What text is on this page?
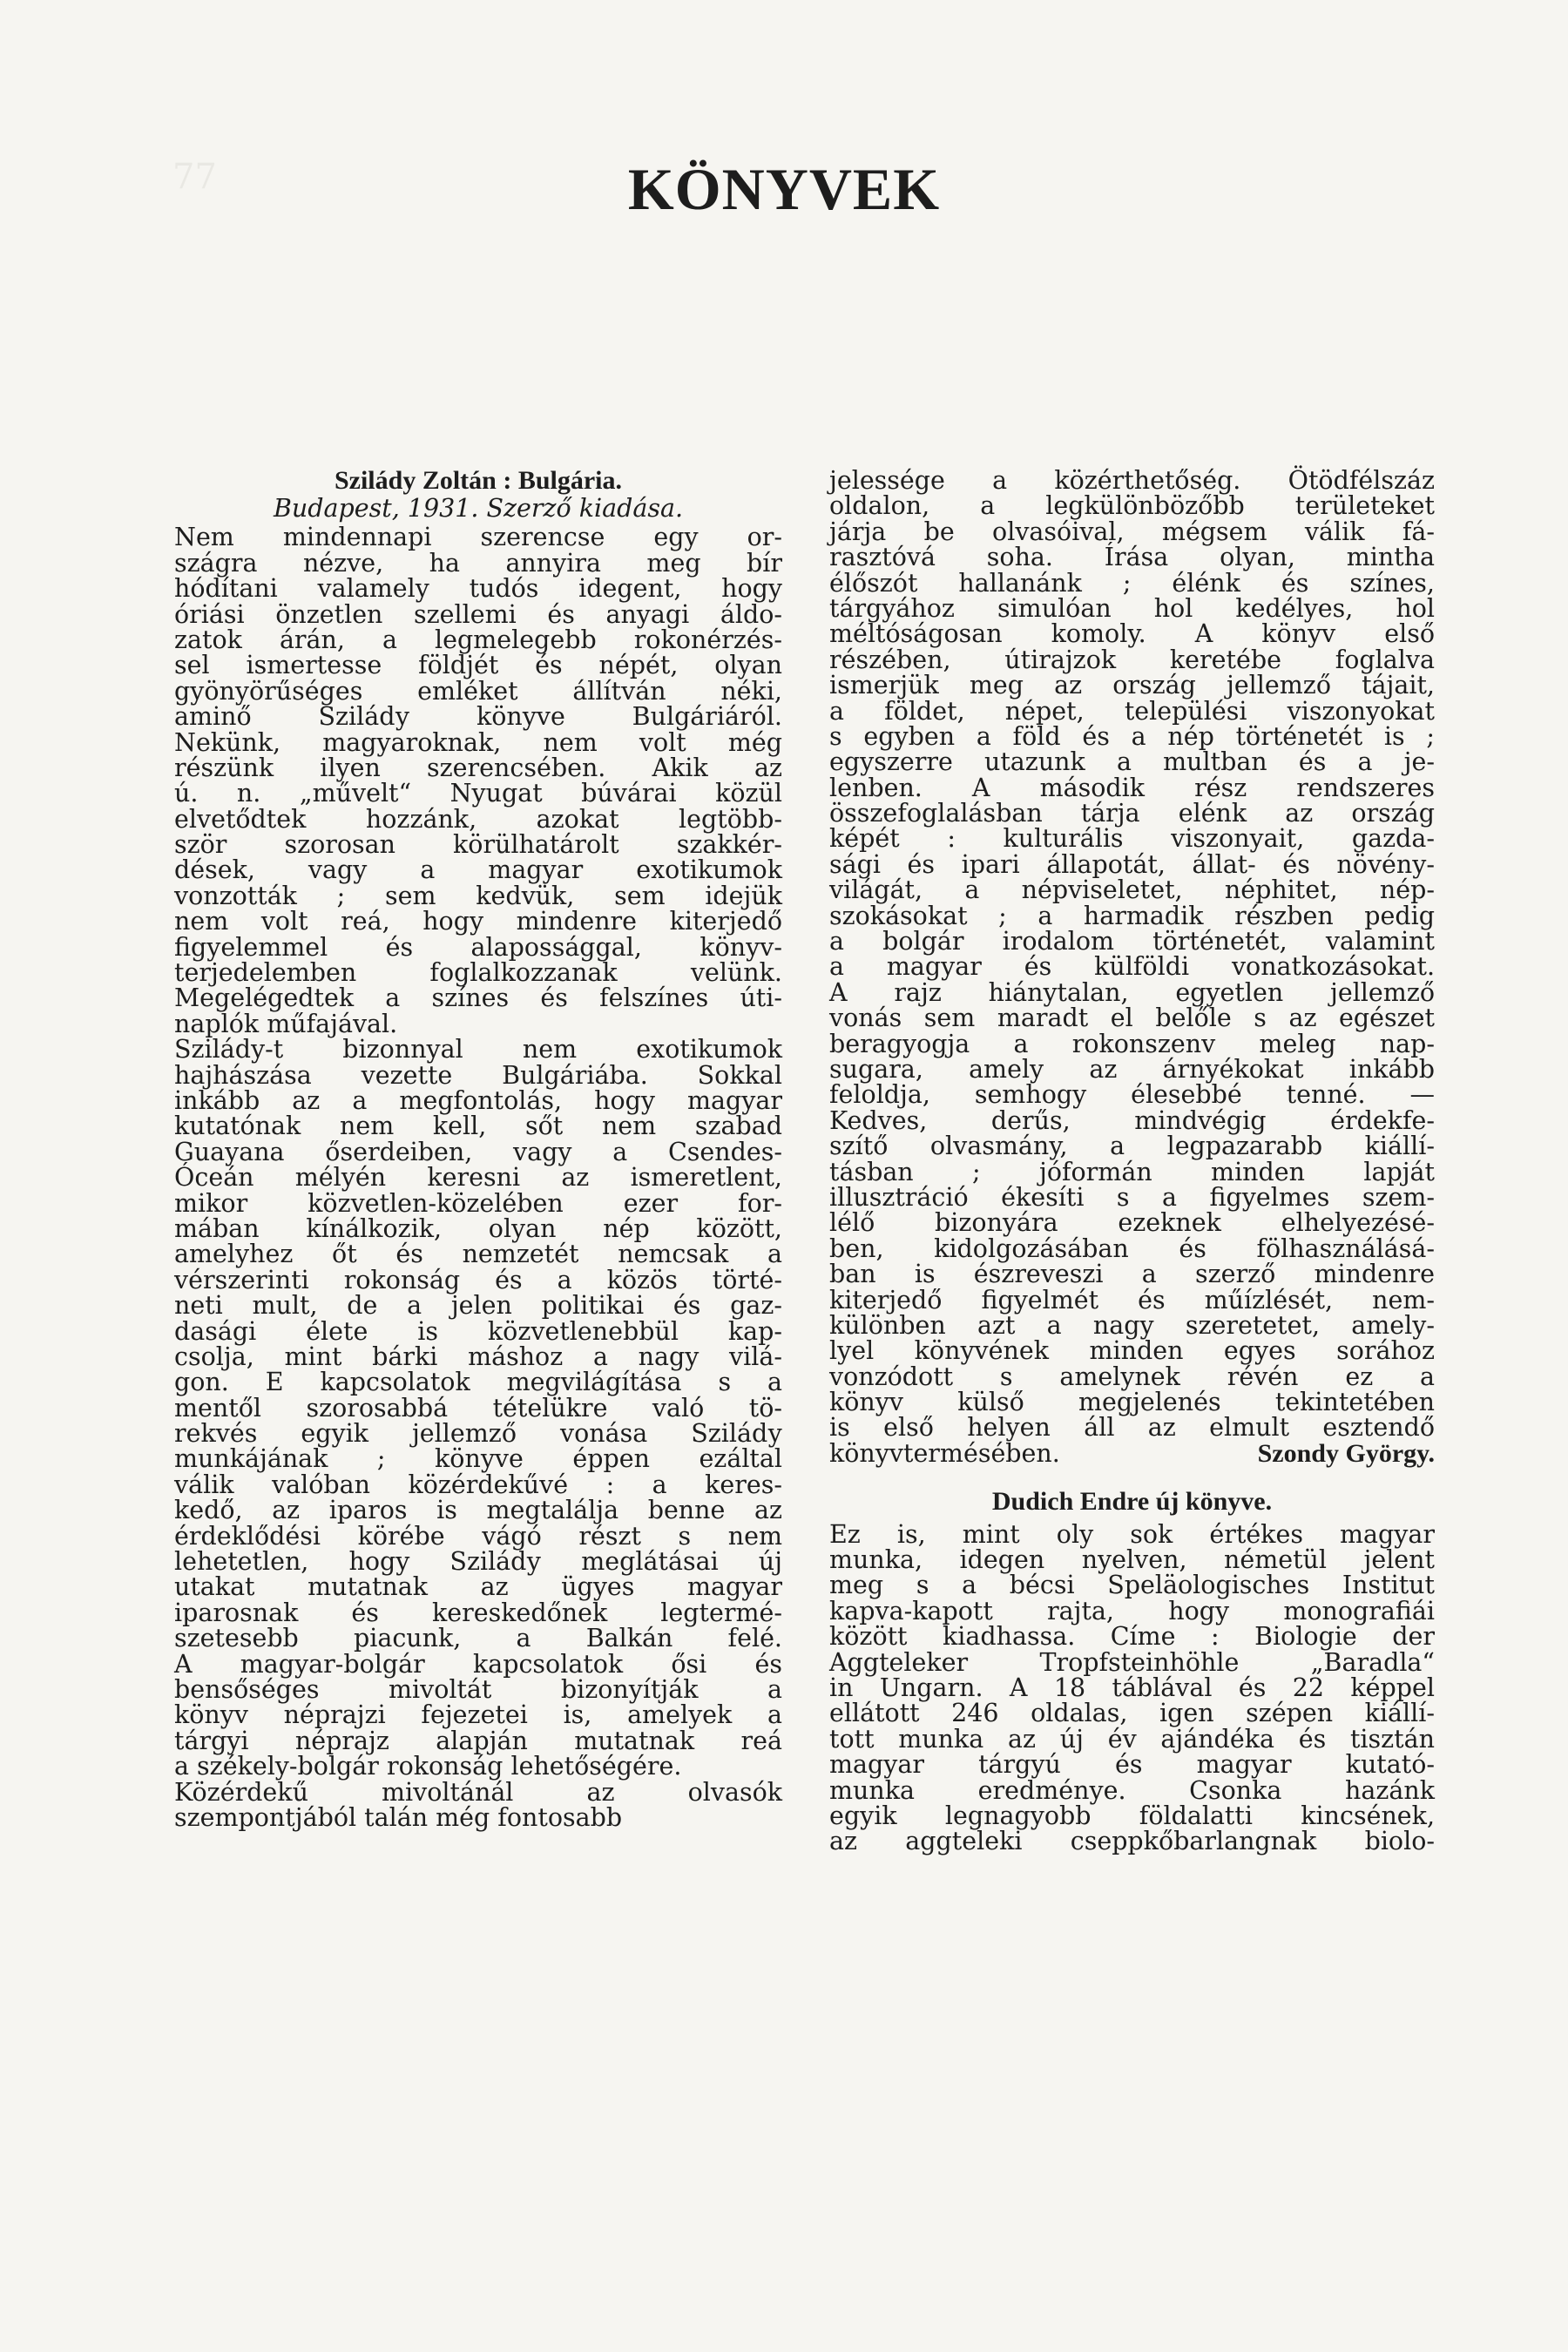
77	KÖNYVEK
Sziládу Zoltán : Bulgária.
Budapest, 1931. Szerző kiadása.
Nem mindennapi szerencse egy or-
szágra nézve, ha annyira meg bír
hódítani valamely tudós idegent, hogy
óriási önzetlen szellemi és anyagi áldo-
zatok árán, a legmelegebb rokonérzés-
sel ismertesse földjét és népét, olyan
gyönyörűséges emléket állítván néki,
aminő Sziládу könyve Bulgáriáról.
Nekünk, magyaroknak, nem volt még
részünk ilyen szerencsében. Akik az
ú. n. „művelt“ Nyugat búvárai közül
elvetődtek hozzánk, azokat legtöbb-
ször szorosan körülhatárolt szakkér-
dések, vagy a magyar exotikumok
vonzották ; sem kedvük, sem idejük
nem volt reá, hogy mindenre kiterjedő
figyelemmel és alapossággal, könyv-
terjedelemben foglalkozzanak velünk.
Megelégedtek a színes és felszínes úti-
naplók műfajával.
Szilády-t bizonnyal nem exotikumok
hajhászása vezette Bulgáriába. Sokkal
inkább az a megfontolás, hogy magyar
kutatónak nem kell, sőt nem szabad
Guayana őserdeiben, vagy a Csendes-
Óceán mélyén keresni az ismeretlent,
mikor közvetlen-közelében ezer for-
mában kínálkozik, olyan nép között,
amelyhez őt és nemzetét nemcsak a
vérszerinti rokonság és a közös törté-
neti mult, de a jelen politikai és gaz-
dasági élete is közvetlenebbül kap-
csolja, mint bárki máshoz a nagy vilá-
gon. E kapcsolatok megvilágítása s a
mentől szorosabbá tételükre való tö-
rekvés egyik jellemző vonása Sziládу
munkájának ; könyve éppen ezáltal
válik valóban közérdekűvé : a keres-
kedő, az iparos is megtalálja benne az
érdeklődési körébe vágó részt s nem
lehetetlen, hogy Sziládу meglátásai új
utakat mutatnak az ügyes magyar
iparosnak és kereskedőnek legtermé-
szetesebb piacunk, a Balkán felé.
A magyar-bolgár kapcsolatok ősi és
bensőséges mivoltát bizonyítják a
könyv néprajzi fejezetei is, amelyek a
tárgyi néprajz alapján mutatnak reá
a székely-bolgár rokonság lehetőségére.
Közérdekű mivoltánál az olvasók
szempontjából talán még fontosabb
jelessége a közérthetőség. Ötödfélszáz
oldalon, a legkülönbözőbb területeket
járja be olvasóival, mégsem válik fá-
rasztóvá soha. Írása olyan, mintha
élőszót hallanánk ; élénk és színes,
tárgyához simulóan hol kedélyes, hol
méltóságosan komoly. A könyv első
részében, útirajzok keretébe foglalva
ismerjük meg az ország jellemző tájait,
a földet, népet, települési viszonyokat
s egyben a föld és a nép történetét is ;
egyszerre utazunk a multban és a je-
lenben. A második rész rendszeres
összefoglalásban tárja elénk az ország
képét : kulturális viszonyait, gazda-
sági és ipari állapotát, állat- és növény-
világát, a népviseletet, néphitet, nép-
szokásokat ; a harmadik részben pedig
a bolgár irodalom történetét, valamint
a magyar és külföldi vonatkozásokat.
A rajz hiánytalan, egyetlen jellemző
vonás sem maradt el belőle s az egészet
beragyogja a rokonszenv meleg nap-
sugara, amely az árnyékokat inkább
feloldja, semhogy élesebbé tenné. —
Kedves, derűs, mindvégig érdekfe-
szítő olvasmány, a legpazarabb kiállí-
tásban ; jóformán minden lapját
illusztráció ékesíti s a figyelmes szem-
lélő bizonyára ezeknek elhelyezésé-
ben, kidolgozásában és fölhasználásá-
ban is észreveszi a szerző mindenre
kiterjedő figyelmét és műízlését, nem-
különben azt a nagy szeretetet, amely-
lyel könyvének minden egyes sorához
vonzódott s amelynek révén ez a
könyv külső megjelenés tekintetében
is első helyen áll az elmult esztendő
könyvtermésében.	Szondy György.
Dudich Endre új könyve.
Ez is, mint oly sok értékes magyar
munka, idegen nyelven, németül jelent
meg s a bécsi Speläologisches Institut
kapva-kapott rajta, hogy monografiái
között kiadhassa. Címe : Biologie der
Aggteleker Tropfsteinhöhle „Baradla“
in Ungarn. A 18 táblával és 22 képpel
ellátott 246 oldalas, igen szépen kiállí-
tott munka az új év ajándéka és tisztán
magyar tárgyú és magyar kutató-
munka eredménye. Csonka hazánk
egyik legnagyobb földalatti kincsének,
az aggteleki cseppkőbarlangnak biolo-
